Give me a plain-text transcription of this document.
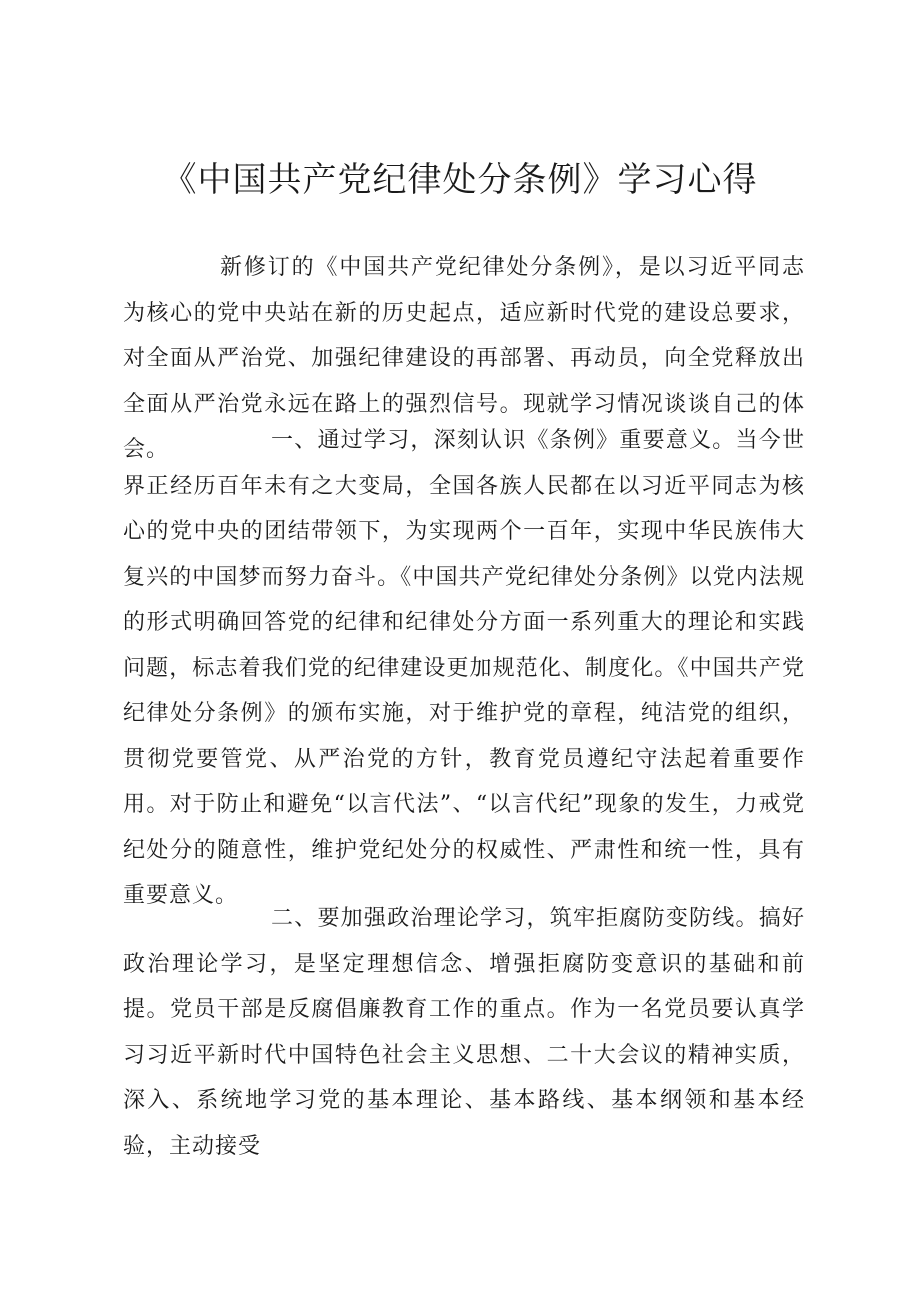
《中国共产党纪律处分条例》学习心得

新修订的《中国共产党纪律处分条例》，是以习近平同志为核心的党中央站在新的历史起点，适应新时代党的建设总要求，对全面从严治党、加强纪律建设的再部署、再动员，向全党释放出全面从严治党永远在路上的强烈信号。现就学习情况谈谈自己的体会。	一、通过学习，深刻认识《条例》重要意义。当今世界正经历百年未有之大变局，全国各族人民都在以习近平同志为核心的党中央的团结带领下，为实现两个一百年，实现中华民族伟大复兴的中国梦而努力奋斗。《中国共产党纪律处分条例》以党内法规的形式明确回答党的纪律和纪律处分方面一系列重大的理论和实践问题，标志着我们党的纪律建设更加规范化、制度化。《中国共产党纪律处分条例》的颁布实施，对于维护党的章程，纯洁党的组织，贯彻党要管党、从严治党的方针，教育党员遵纪守法起着重要作用。对于防止和避免“以言代法”、“以言代纪”现象的发生，力戒党纪处分的随意性，维护党纪处分的权威性、严肃性和统一性，具有重要意义。

二、要加强政治理论学习，筑牢拒腐防变防线。搞好政治理论学习，是坚定理想信念、增强拒腐防变意识的基础和前提。党员干部是反腐倡廉教育工作的重点。作为一名党员要认真学习习近平新时代中国特色社会主义思想、二十大会议的精神实质，深入、系统地学习党的基本理论、基本路线、基本纲领和基本经验，主动接受
